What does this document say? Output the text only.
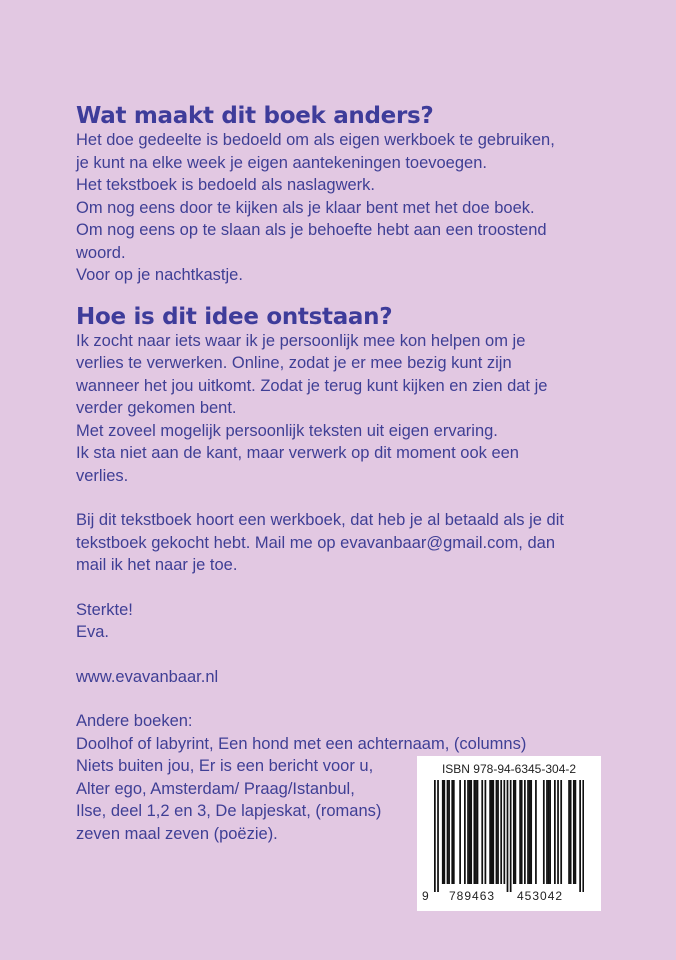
Wat maakt dit boek anders?
Het doe gedeelte is bedoeld om als eigen werkboek te gebruiken,
je kunt na elke week je eigen aantekeningen toevoegen.
Het tekstboek is bedoeld als naslagwerk.
Om nog eens door te kijken als je klaar bent met het doe boek.
Om nog eens op te slaan als je behoefte hebt aan een troostend
woord.
Voor op je nachtkastje.
Hoe is dit idee ontstaan?
Ik zocht naar iets waar ik je persoonlijk mee kon helpen om je
verlies te verwerken. Online, zodat je er mee bezig kunt zijn
wanneer het jou uitkomt. Zodat je terug kunt kijken en zien dat je
verder gekomen bent.
Met zoveel mogelijk persoonlijk teksten uit eigen ervaring.
Ik sta niet aan de kant, maar verwerk op dit moment ook een
verlies.
Bij dit tekstboek hoort een werkboek, dat heb je al betaald als je dit
tekstboek gekocht hebt. Mail me op evavanbaar@gmail.com, dan
mail ik het naar je toe.
Sterkte!
Eva.
www.evavanbaar.nl
Andere boeken:
Doolhof of labyrint, Een hond met een achternaam, (columns)
Niets buiten jou, Er is een bericht voor u,
Alter ego, Amsterdam/ Praag/Istanbul,
Ilse, deel 1,2 en 3, De lapjeskat, (romans)
zeven maal zeven (poëzie).
ISBN 978-94-6345-304-2
9 789463 453042
